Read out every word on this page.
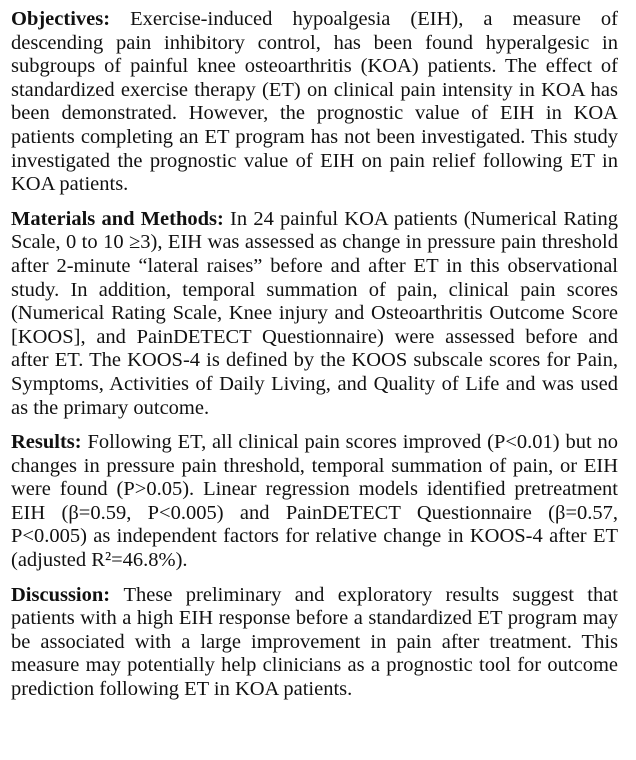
Objectives: Exercise-induced hypoalgesia (EIH), a measure of descending pain inhibitory control, has been found hyperalgesic in subgroups of painful knee osteoarthritis (KOA) patients. The effect of standardized exercise therapy (ET) on clinical pain intensity in KOA has been demonstrated. However, the prognostic value of EIH in KOA patients completing an ET program has not been investigated. This study investigated the prognostic value of EIH on pain relief following ET in KOA patients.

Materials and Methods: In 24 painful KOA patients (Numerical Rating Scale, 0 to 10 ≥3), EIH was assessed as change in pressure pain threshold after 2-minute “lateral raises” before and after ET in this observational study. In addition, temporal summation of pain, clinical pain scores (Numerical Rating Scale, Knee injury and Osteoarthritis Outcome Score [KOOS], and PainDETECT Questionnaire) were assessed before and after ET. The KOOS-4 is defined by the KOOS subscale scores for Pain, Symptoms, Activities of Daily Living, and Quality of Life and was used as the primary outcome.

Results: Following ET, all clinical pain scores improved (P<0.01) but no changes in pressure pain threshold, temporal summation of pain, or EIH were found (P>0.05). Linear regression models identified pretreatment EIH (β=0.59, P<0.005) and PainDETECT Questionnaire (β=0.57, P<0.005) as independent factors for relative change in KOOS-4 after ET (adjusted R²=46.8%).

Discussion: These preliminary and exploratory results suggest that patients with a high EIH response before a standardized ET program may be associated with a large improvement in pain after treatment. This measure may potentially help clinicians as a prognostic tool for outcome prediction following ET in KOA patients.
